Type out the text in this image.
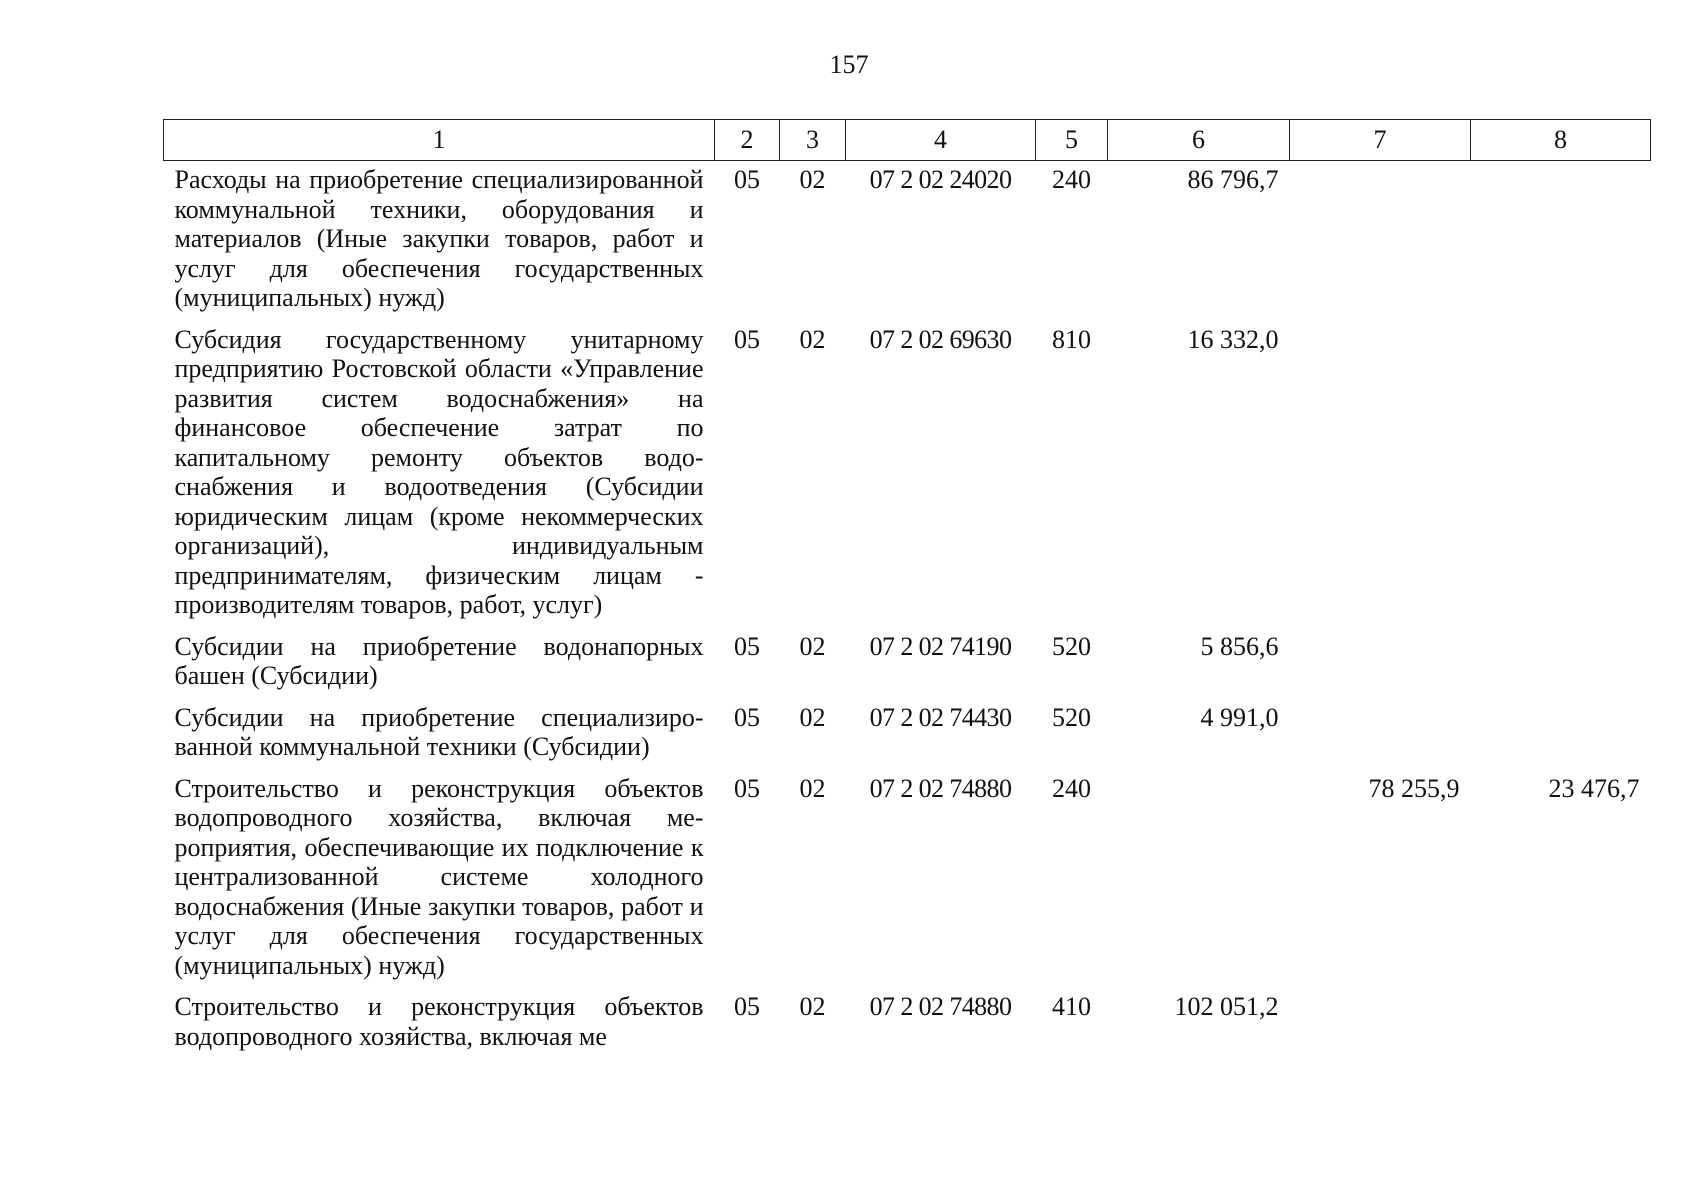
157
1	2	3	4	5	6	7	8
Расходы на приобретение специализированной коммунальной техники, оборудования и материалов (Иные закупки товаров, работ и услуг для обеспечения государственных (муниципальных) нужд)	05	02	07 2 02 24020	240	86 796,7		
Субсидия государственному унитарному предприятию Ростовской области «Управление развития систем водоснабжения» на финансовое обеспечение затрат по капитальному ремонту объектов водоснабжения и водоотведения (Субсидии юридическим лицам (кроме некоммерческих организаций), индивидуальным предпринимателям, физическим лицам - производителям товаров, работ, услуг)	05	02	07 2 02 69630	810	16 332,0		
Субсидии на приобретение водонапорных башен (Субсидии)	05	02	07 2 02 74190	520	5 856,6		
Субсидии на приобретение специализированной коммунальной техники (Субсидии)	05	02	07 2 02 74430	520	4 991,0		
Строительство и реконструкция объектов водопроводного хозяйства, включая мероприятия, обеспечивающие их подключение к централизованной системе холодного водоснабжения (Иные закупки товаров, работ и услуг для обеспечения государственных (муниципальных) нужд)	05	02	07 2 02 74880	240		78 255,9	23 476,7
Строительство и реконструкция объектов водопроводного хозяйства, включая ме	05	02	07 2 02 74880	410	102 051,2		
